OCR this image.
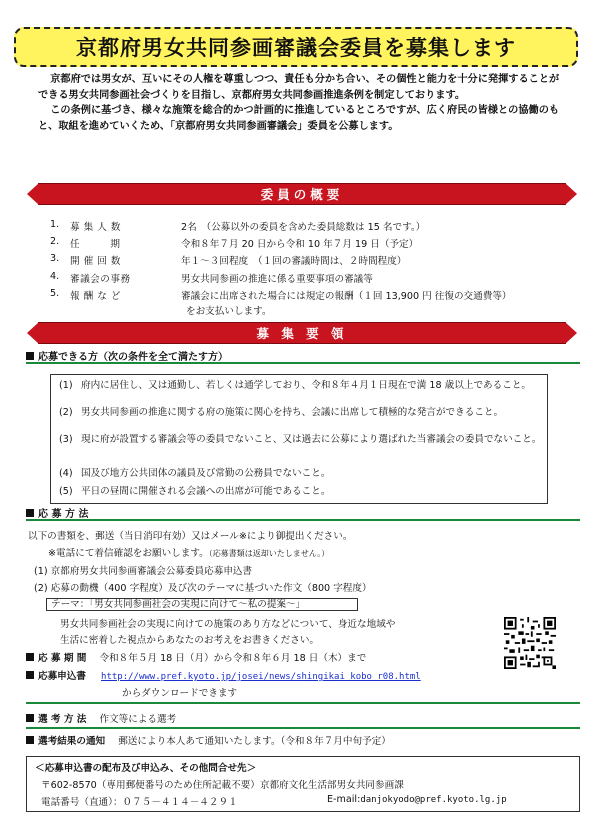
京都府男女共同参画審議会委員を募集します

京都府では男女が、互いにその人権を尊重しつつ、責任も分かち合い、その個性と能力を十分に発揮することができる男女共同参画社会づくりを目指し、京都府男女共同参画推進条例を制定しております。

この条例に基づき、様々な施策を総合的かつ計画的に推進しているところですが、広く府民の皆様との協働のもと、取組を進めていくため、「京都府男女共同参画審議会」委員を公募します。

委員の概要
1. 募 集 人 数	2名　（公募以外の委員を含めた委員総数は 15 名です。）
2. 任　　　期	令和８年７月 20 日から令和 10 年７月 19 日（予定）
3. 開 催 回 数	年１～３回程度　（１回の審議時間は、２時間程度）
4. 審議会の事務	男女共同参画の推進に係る重要事項の審議等
5. 報 酬 な ど	審議会に出席された場合には規定の報酬（１回 13,900 円 往復の交通費等）
をお支払いします。
募 集 要 領
応募できる方（次の条件を全て満たす方）
(1) 府内に居住し、又は通勤し、若しくは通学しており、令和８年４月１日現在で満 18 歳以上であること。
(2) 男女共同参画の推進に関する府の施策に関心を持ち、会議に出席して積極的な発言ができること。
(3) 現に府が設置する審議会等の委員でないこと、又は過去に公募により選ばれた当審議会の委員でないこと。
(4) 国及び地方公共団体の議員及び常勤の公務員でないこと。
(5) 平日の昼間に開催される会議への出席が可能であること。
応 募 方 法
以下の書類を、郵送（当日消印有効）又はメール※により御提出ください。
※電話にて着信確認をお願いします。（応募書類は返却いたしません。）
(1) 京都府男女共同参画審議会公募委員応募申込書
(2) 応募の動機（400 字程度）及び次のテーマに基づいた作文（800 字程度）
テーマ：「男女共同参画社会の実現に向けて～私の提案～」
男女共同参画社会の実現に向けての施策のあり方などについて、身近な地域や
生活に密着した視点からあなたのお考えをお書きください。
応 募 期 間 令和８年５月 18 日（月）から令和８年６月 18 日（木）まで
応募申込書 http://www.pref.kyoto.jp/josei/news/shingikai_kobo_r08.html
からダウンロードできます
選 考 方 法 作文等による選考
選考結果の通知 郵送により本人あて通知いたします。（令和８年７月中旬予定）
＜応募申込書の配布及び申込み、その他問合せ先＞
〒602-8570（専用郵便番号のため住所記載不要）京都府文化生活部男女共同参画課
電話番号（直通）：０７５－４１４－４２９１	E-mail:danjokyodo@pref.kyoto.lg.jp
